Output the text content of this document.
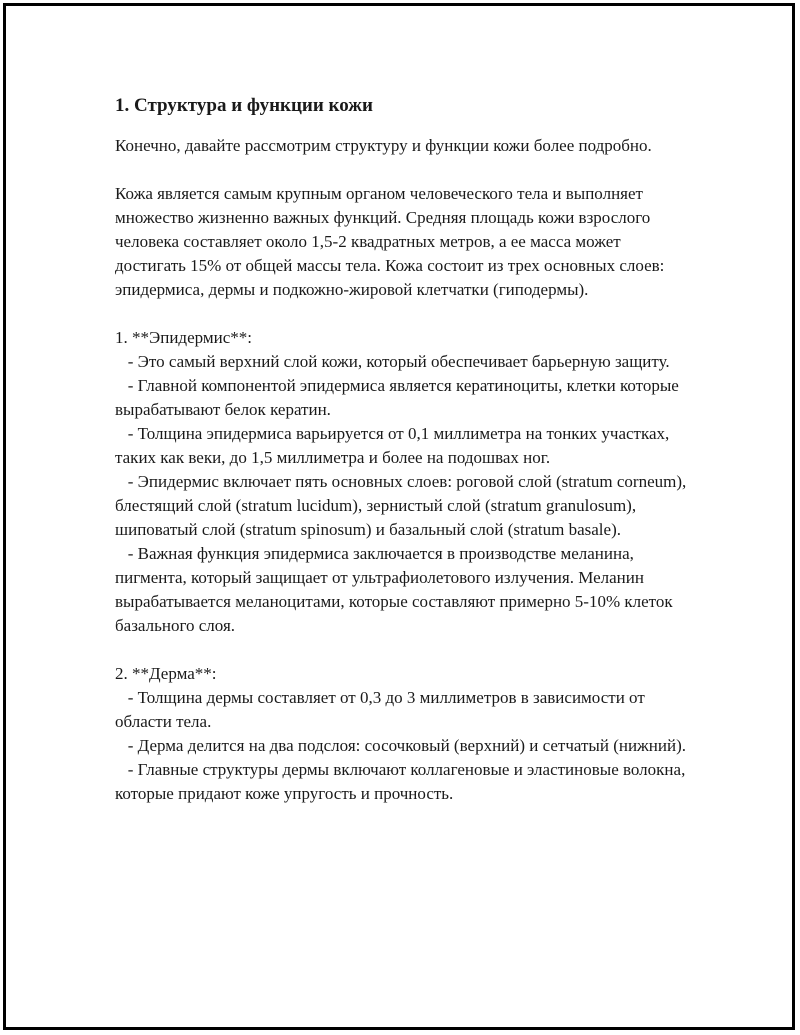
1. Структура и функции кожи

Конечно, давайте рассмотрим структуру и функции кожи более подробно.

Кожа является самым крупным органом человеческого тела и выполняет множество жизненно важных функций. Средняя площадь кожи взрослого человека составляет около 1,5-2 квадратных метров, а ее масса может достигать 15% от общей массы тела. Кожа состоит из трех основных слоев: эпидермиса, дермы и подкожно-жировой клетчатки (гиподермы).

1. **Эпидермис**:

- Это самый верхний слой кожи, который обеспечивает барьерную защиту.

- Главной компонентой эпидермиса является кератиноциты, клетки которые вырабатывают белок кератин.

- Толщина эпидермиса варьируется от 0,1 миллиметра на тонких участках, таких как веки, до 1,5 миллиметра и более на подошвах ног.

- Эпидермис включает пять основных слоев: роговой слой (stratum corneum), блестящий слой (stratum lucidum), зернистый слой (stratum granulosum), шиповатый слой (stratum spinosum) и базальный слой (stratum basale).

- Важная функция эпидермиса заключается в производстве меланина, пигмента, который защищает от ультрафиолетового излучения. Меланин вырабатывается меланоцитами, которые составляют примерно 5-10% клеток базального слоя.

2. **Дерма**:

- Толщина дермы составляет от 0,3 до 3 миллиметров в зависимости от области тела.

- Дерма делится на два подслоя: сосочковый (верхний) и сетчатый (нижний).

- Главные структуры дермы включают коллагеновые и эластиновые волокна, которые придают коже упругость и прочность.
